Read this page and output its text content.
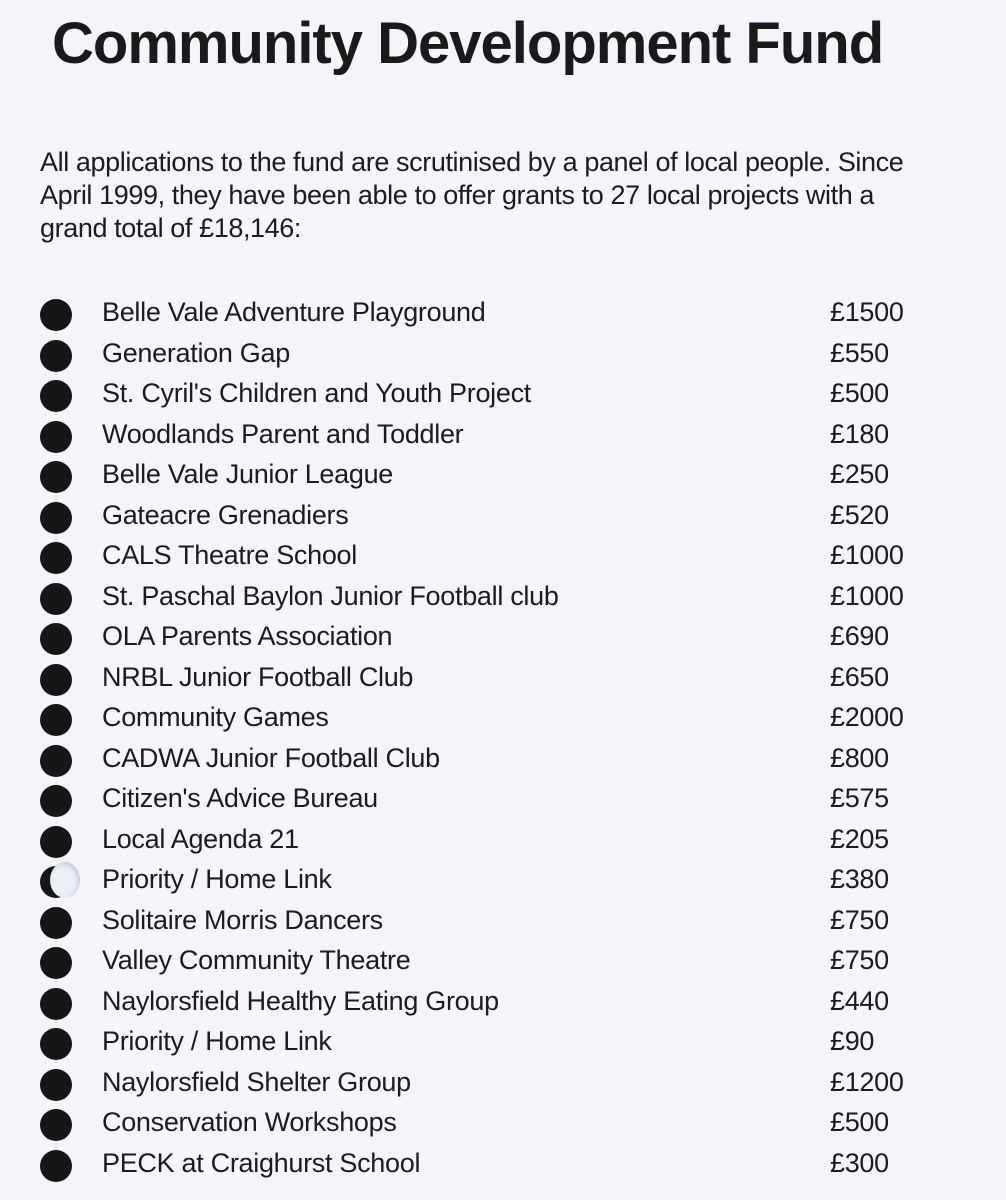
Community Development Fund
All applications to the fund are scrutinised by a panel of local people. Since
April 1999, they have been able to offer grants to 27 local projects with a
grand total of £18,146:
Belle Vale Adventure Playground	£1500
Generation Gap	£550
St. Cyril's Children and Youth Project	£500
Woodlands Parent and Toddler	£180
Belle Vale Junior League	£250
Gateacre Grenadiers	£520
CALS Theatre School	£1000
St. Paschal Baylon Junior Football club	£1000
OLA Parents Association	£690
NRBL Junior Football Club	£650
Community Games	£2000
CADWA Junior Football Club	£800
Citizen's Advice Bureau	£575
Local Agenda 21	£205
Priority / Home Link	£380
Solitaire Morris Dancers	£750
Valley Community Theatre	£750
Naylorsfield Healthy Eating Group	£440
Priority / Home Link	£90
Naylorsfield Shelter Group	£1200
Conservation Workshops	£500
PECK at Craighurst School	£300
